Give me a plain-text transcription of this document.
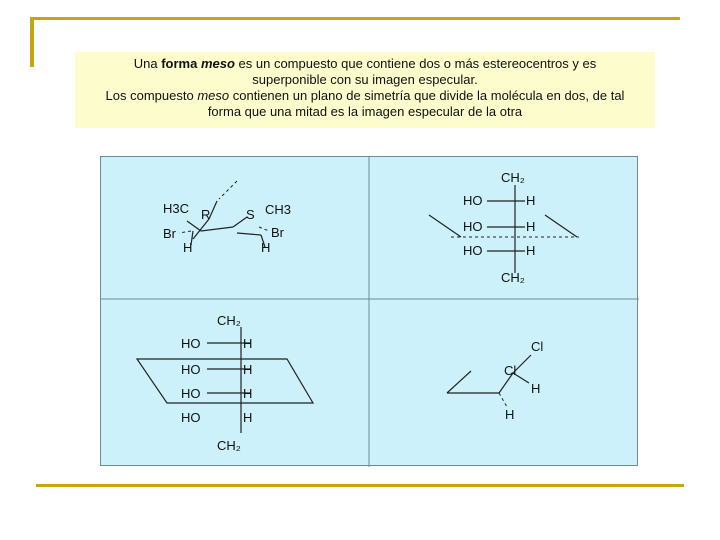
Una forma meso es un compuesto que contiene dos o más estereocentros y es

superponible con su imagen especular.

Los compuesto meso contienen un plano de simetría que divide la molécula en dos, de tal

forma que una mitad es la imagen especular de la otra

H3C R
Br
H
S CH3
Br
H
CH₂
HO	H
HO	H
HO	H
CH₂
CH₂
HO	H
HO	H
HO	H
HO	H
CH₂
Cl
Cl
H
H
